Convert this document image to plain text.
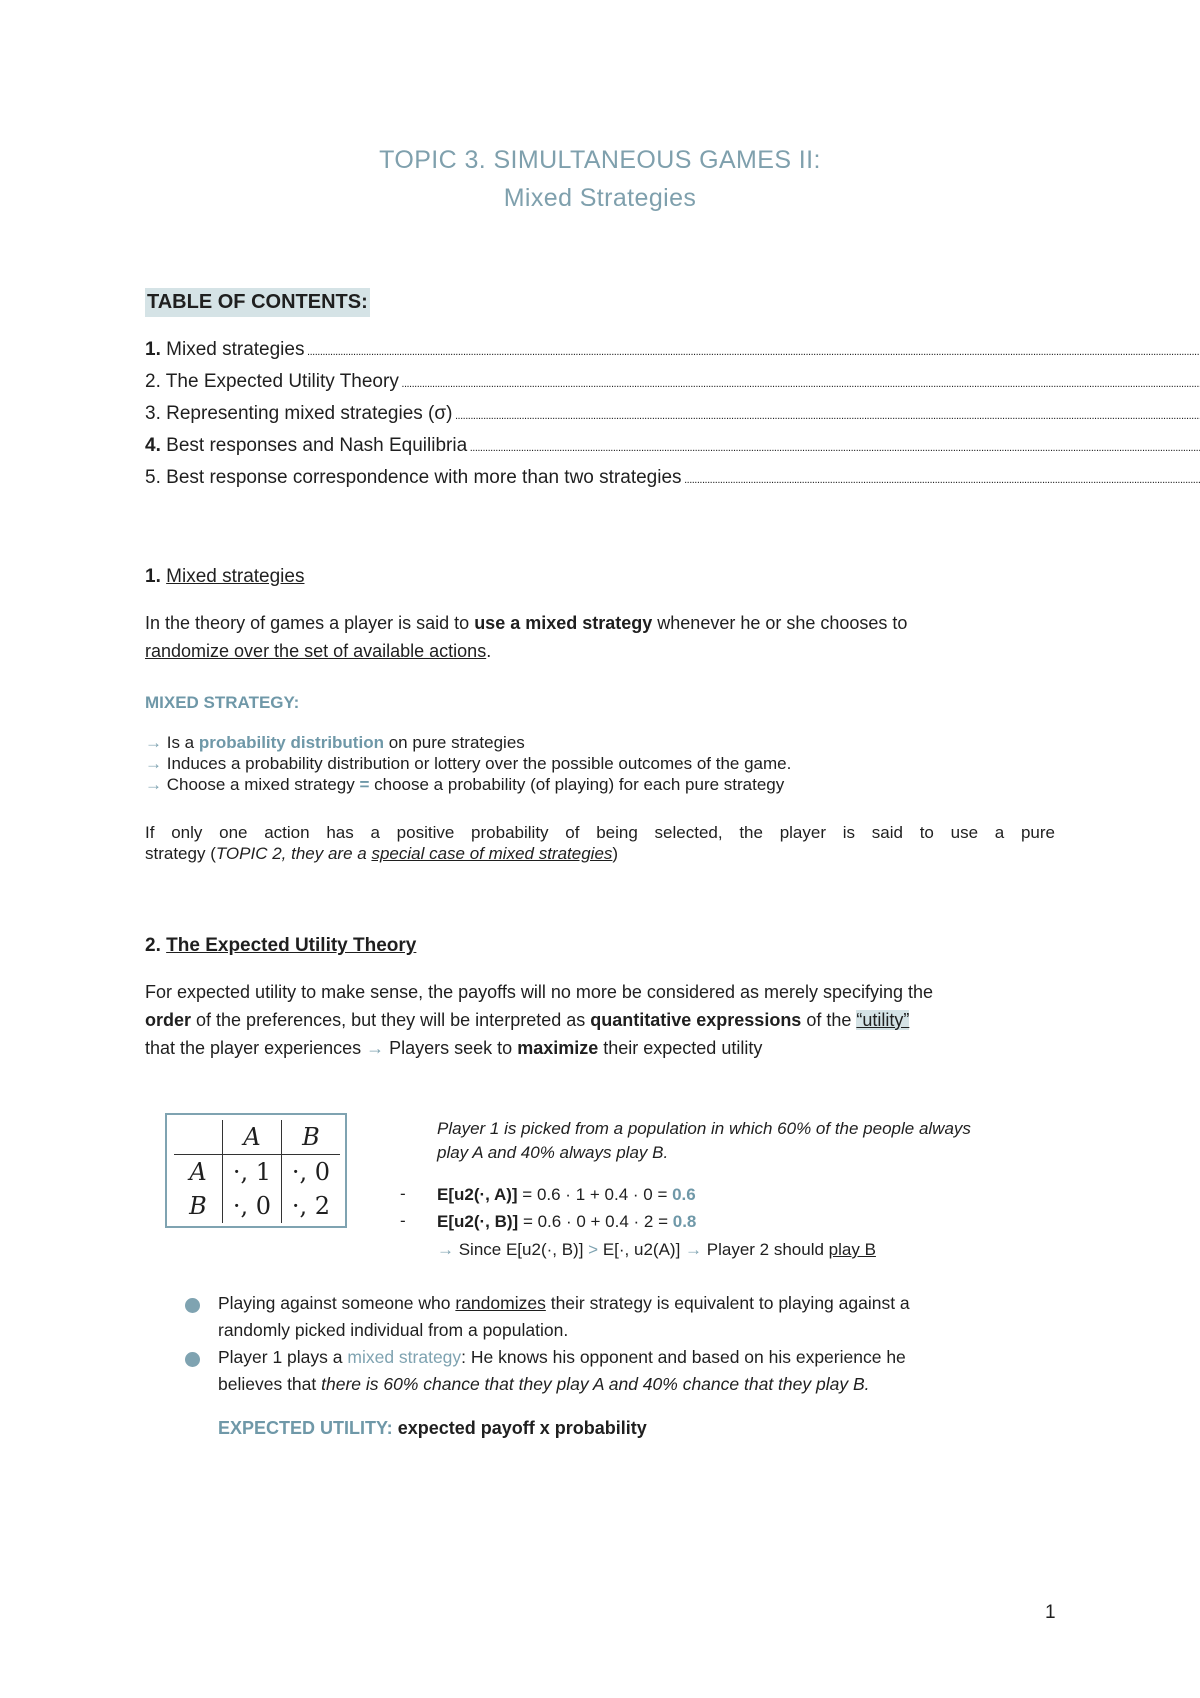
TOPIC 3. SIMULTANEOUS GAMES II:
Mixed Strategies
TABLE OF CONTENTS:
1. Mixed strategies .....
2. The Expected Utility Theory .....
3. Representing mixed strategies (σ) .....
4. Best responses and Nash Equilibria .....
5. Best response correspondence with more than two strategies .....
1. Mixed strategies
In the theory of games a player is said to use a mixed strategy whenever he or she chooses to
randomize over the set of available actions.
MIXED STRATEGY:
→ Is a probability distribution on pure strategies
→ Induces a probability distribution or lottery over the possible outcomes of the game.
→ Choose a mixed strategy = choose a probability (of playing) for each pure strategy
If only one action has a positive probability of being selected, the player is said to use a pure
strategy (TOPIC 2, they are a special case of mixed strategies)
2. The Expected Utility Theory
For expected utility to make sense, the payoffs will no more be considered as merely specifying the
order of the preferences, but they will be interpreted as quantitative expressions of the “utility”
that the player experiences → Players seek to maximize their expected utility
	A	B
A	·, 1	·, 0
B	·, 0	·, 2
Player 1 is picked from a population in which 60% of the people always
play A and 40% always play B.
- E[u2(·, A)] = 0.6 · 1 + 0.4 · 0 = 0.6
- E[u2(·, B)] = 0.6 · 0 + 0.4 · 2 = 0.8
→ Since E[u2(·, B)] > E[·, u2(A)] → Player 2 should play B
Playing against someone who randomizes their strategy is equivalent to playing against a
randomly picked individual from a population.
Player 1 plays a mixed strategy: He knows his opponent and based on his experience he
believes that there is 60% chance that they play A and 40% chance that they play B.
EXPECTED UTILITY: expected payoff x probability
1
